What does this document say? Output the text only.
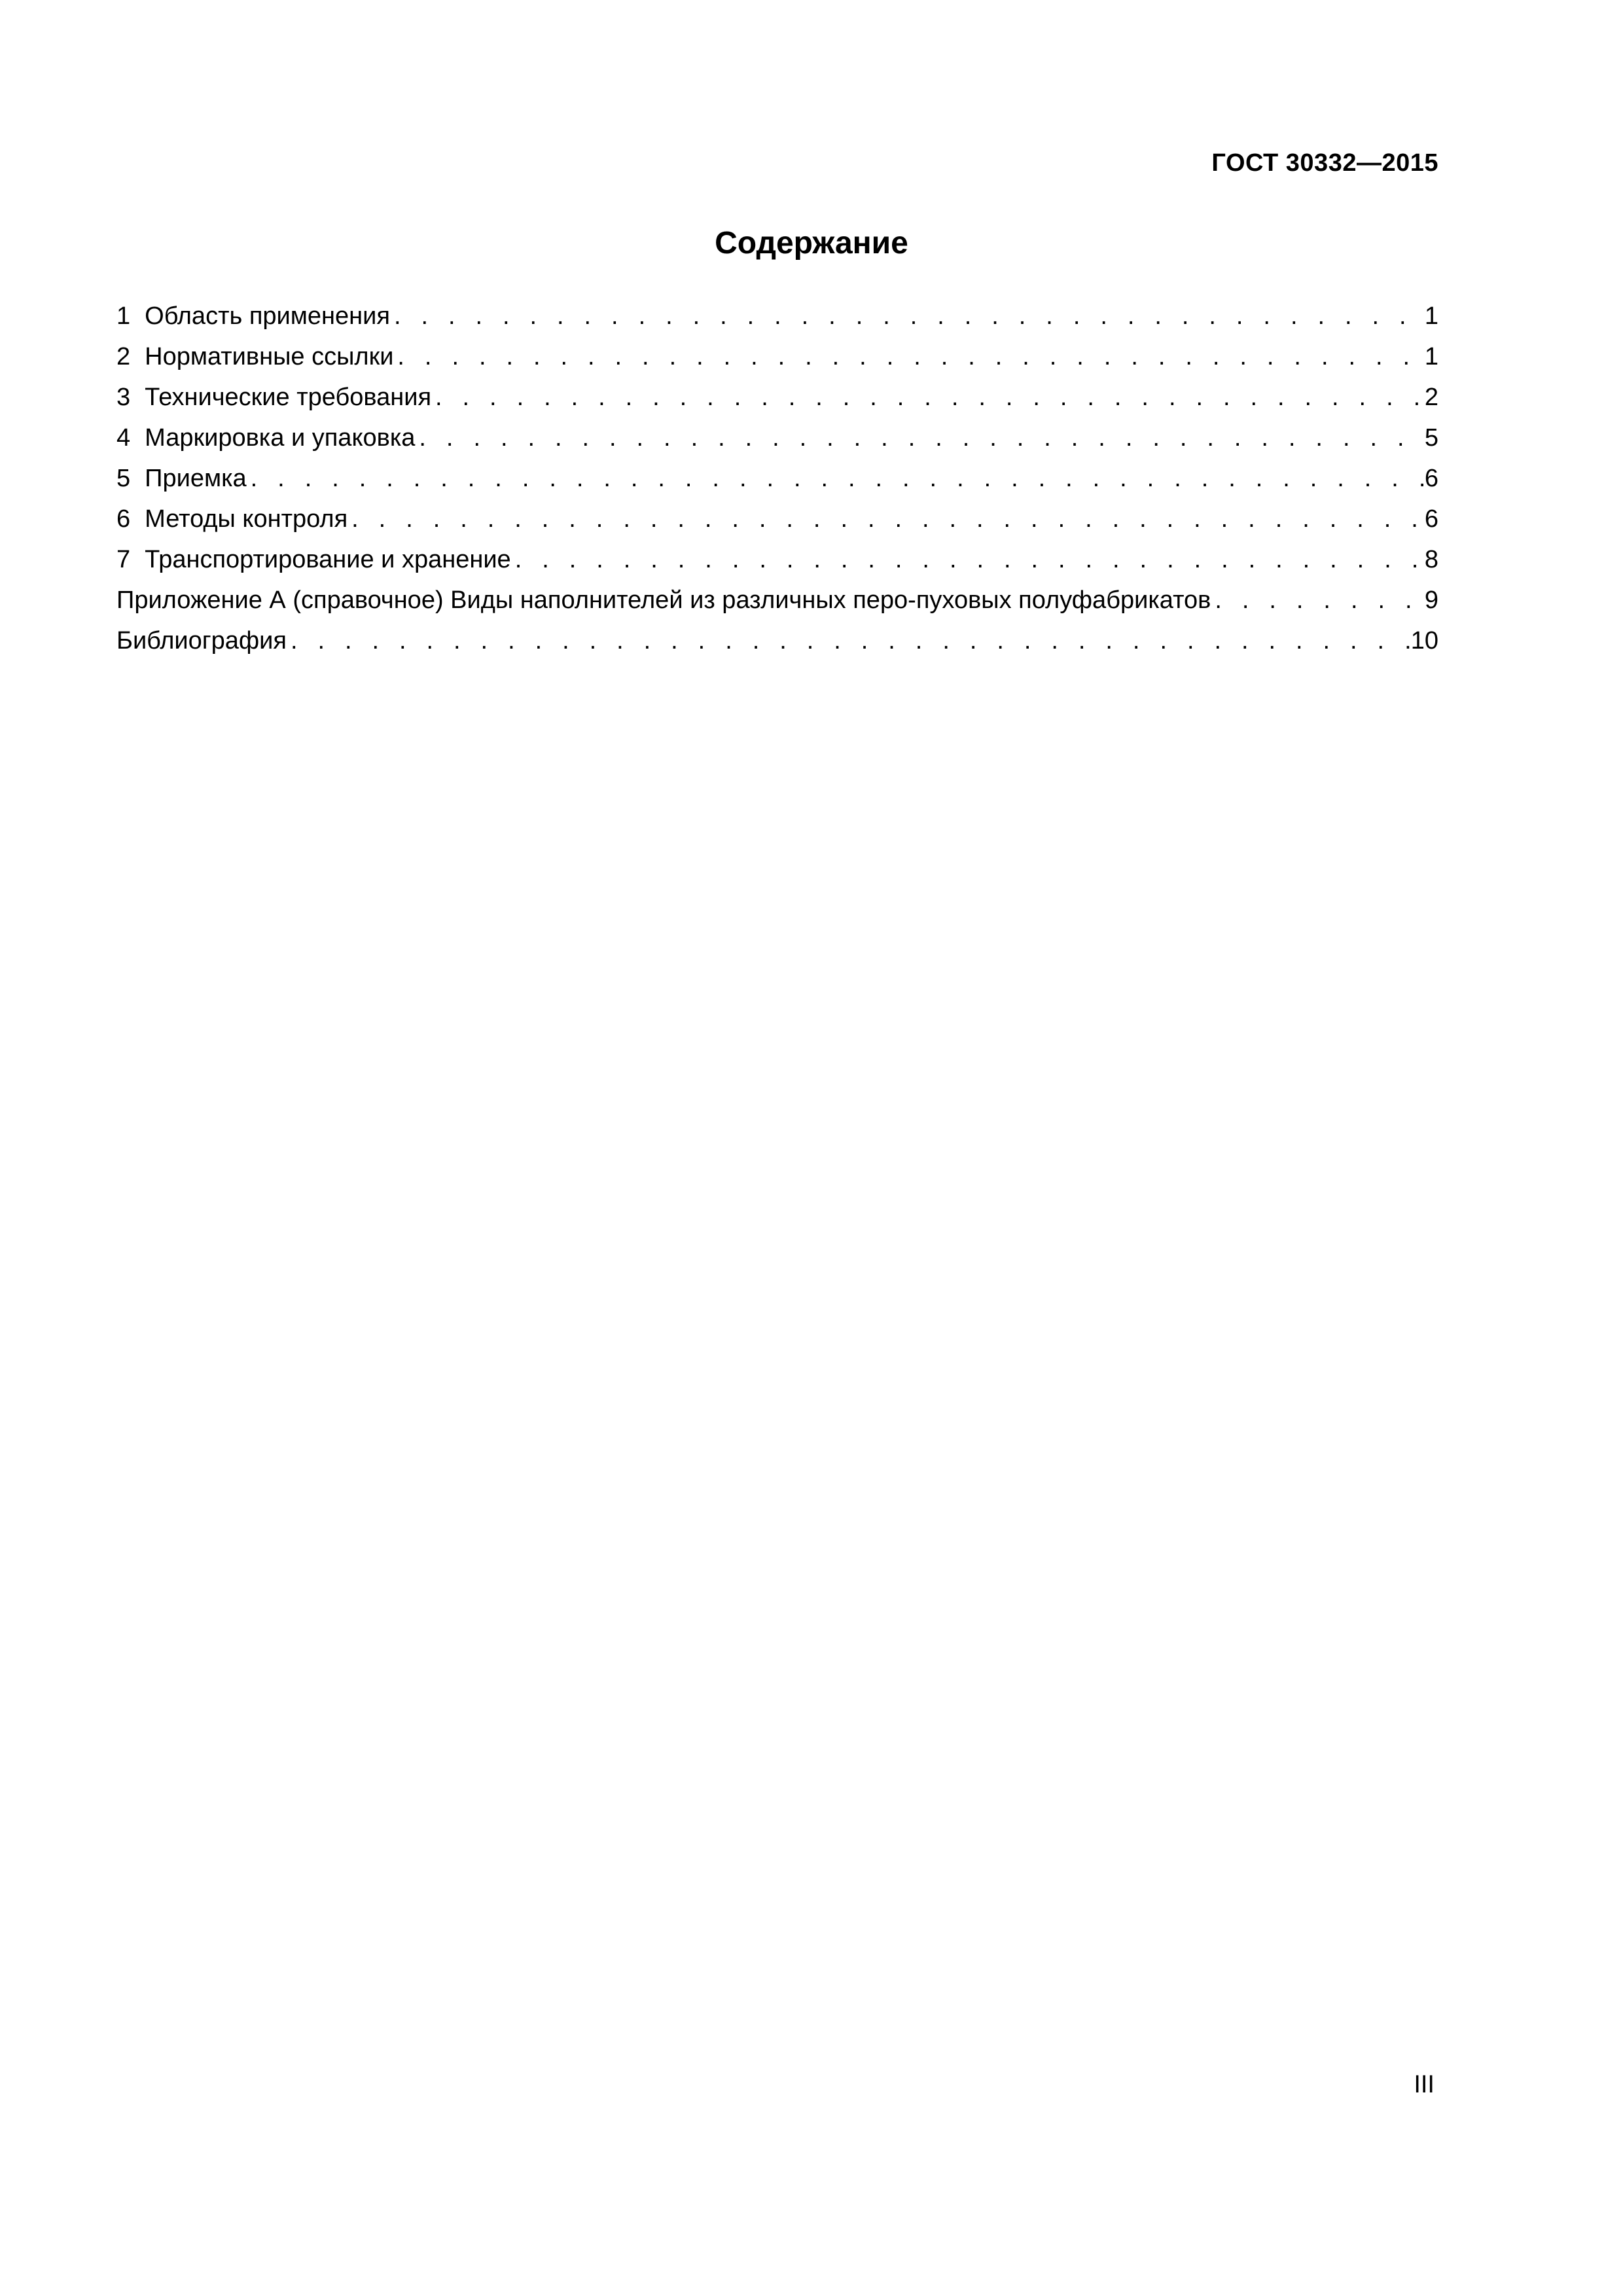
ГОСТ 30332—2015
Содержание
1 Область применения . . .	1
2 Нормативные ссылки . . .	1
3 Технические требования . . .	2
4 Маркировка и упаковка . . .	5
5 Приемка . . .	6
6 Методы контроля . . .	6
7 Транспортирование и хранение . . .	8
Приложение А (справочное) Виды наполнителей из различных перо-пуховых полуфабрикатов . . .	9
Библиография . . .	10
III
